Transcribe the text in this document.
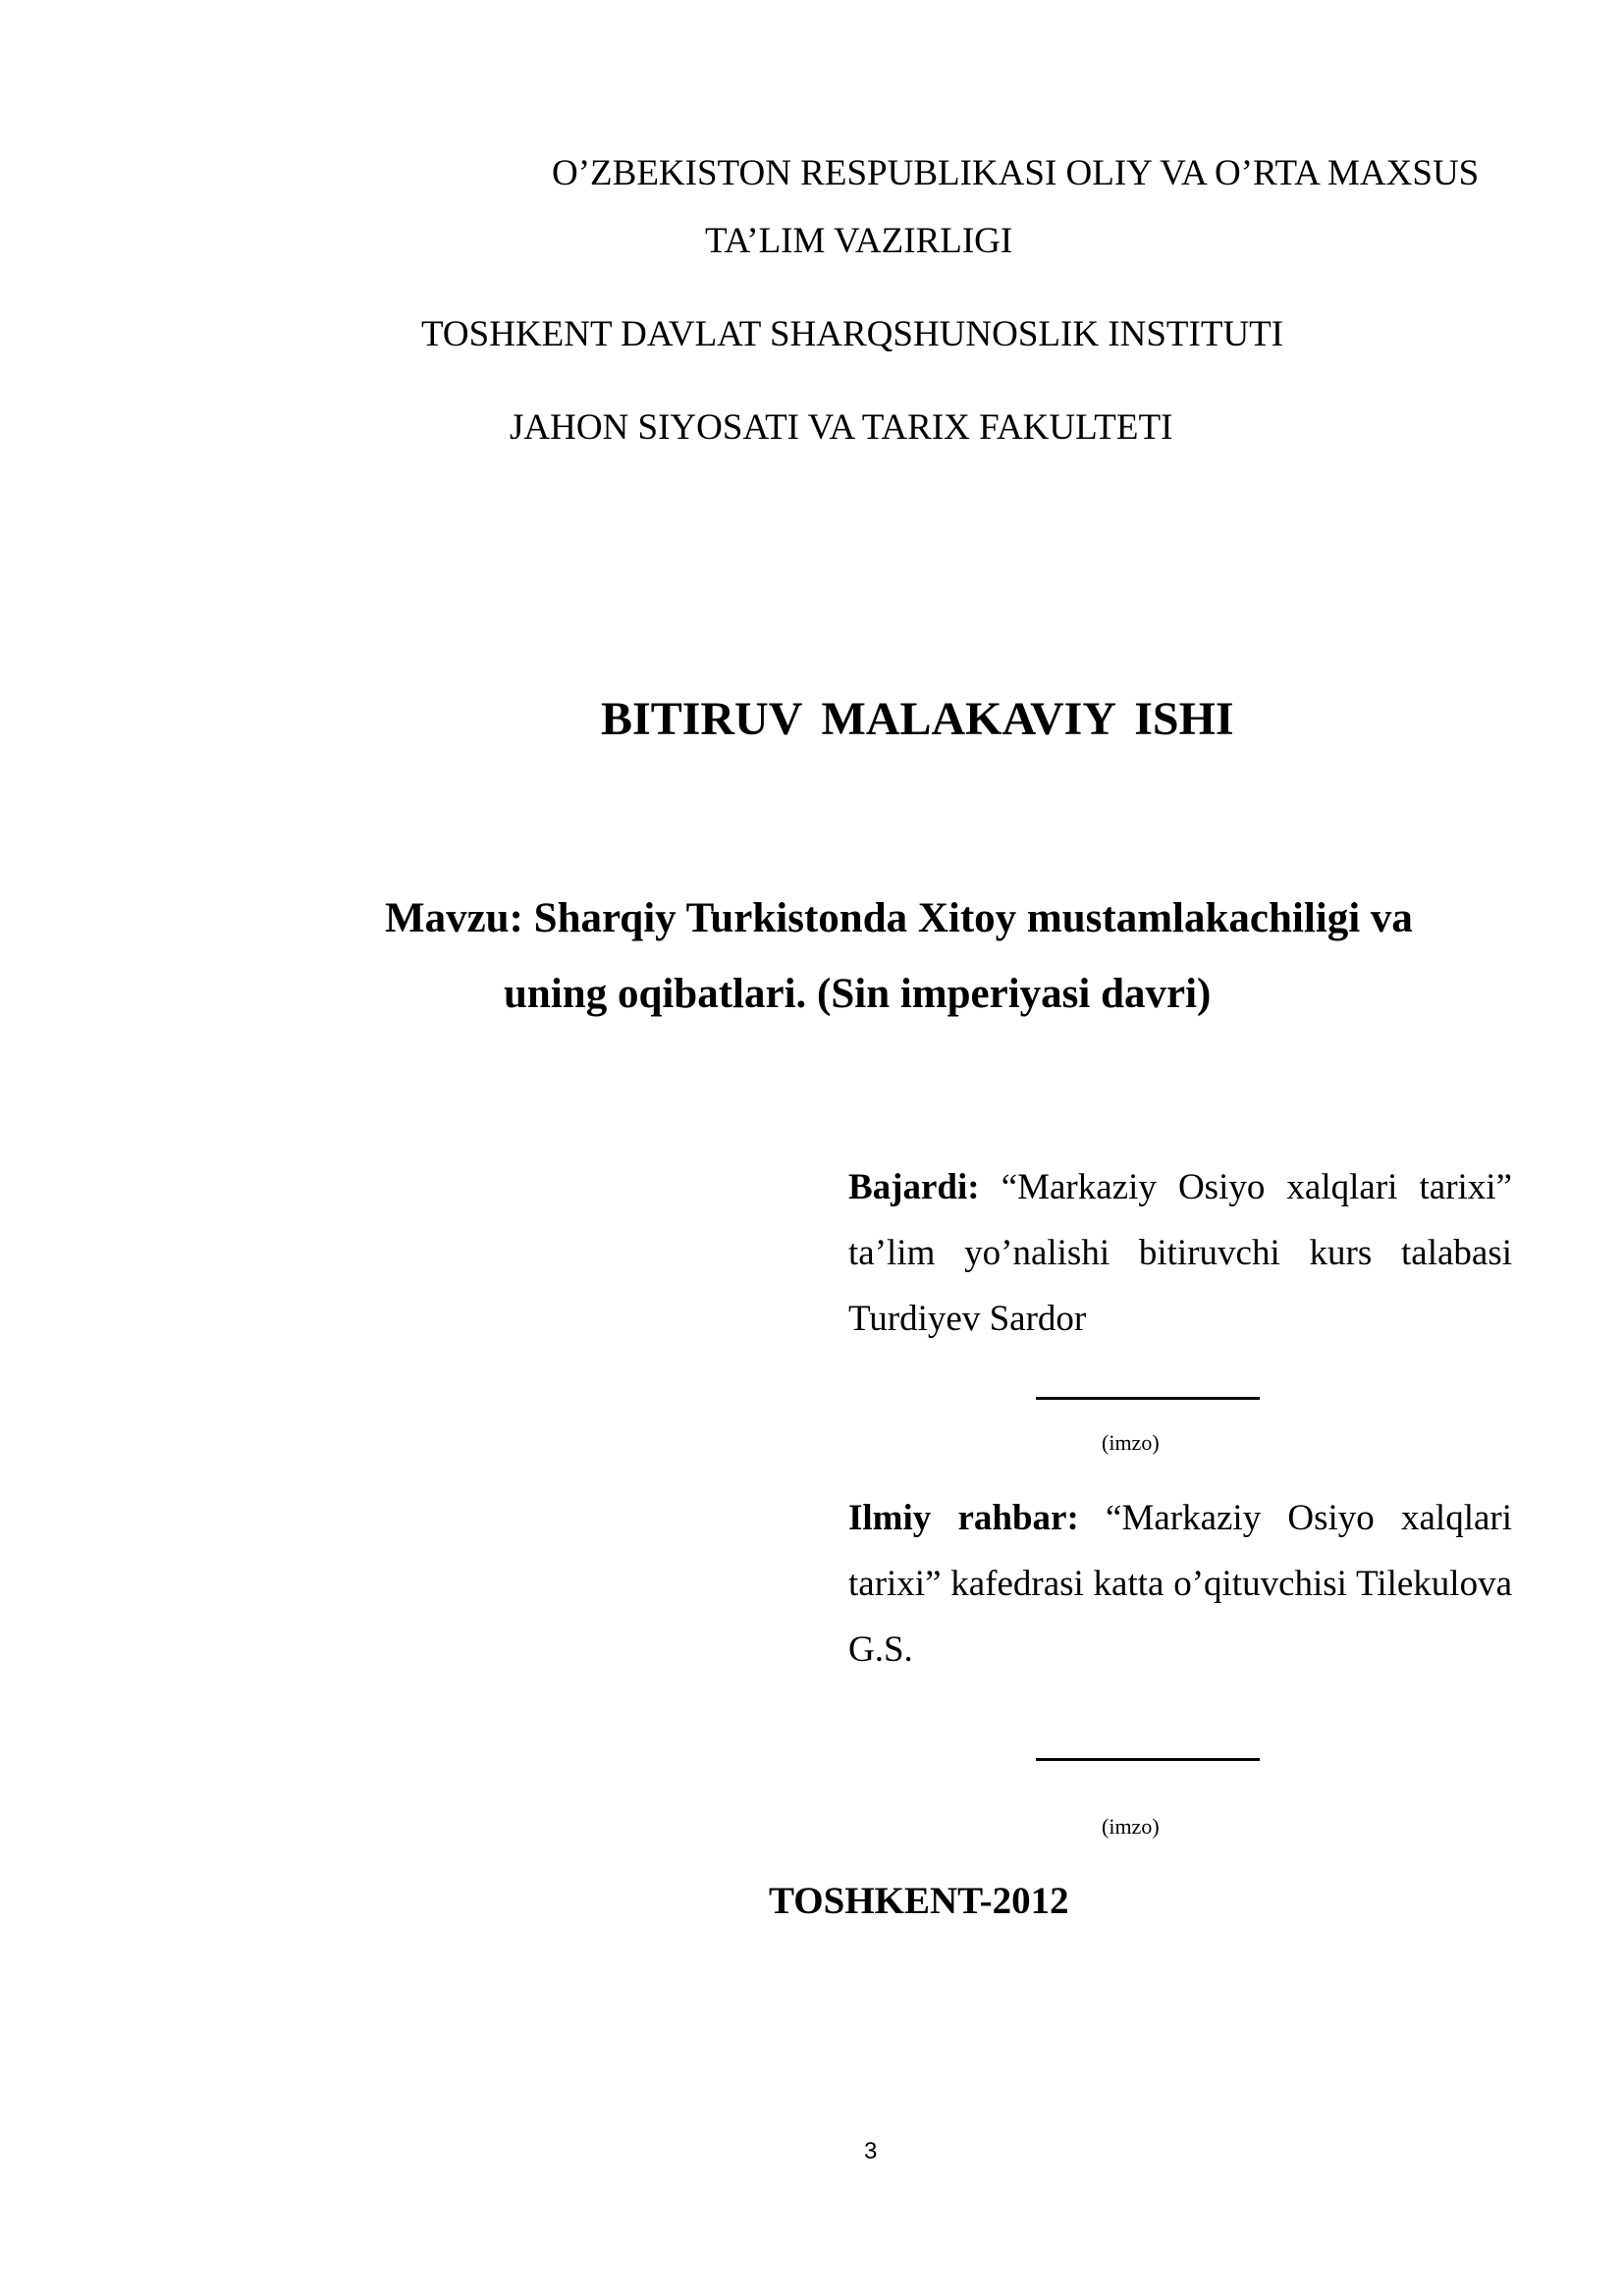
O’ZBEKISTON RESPUBLIKASI OLIY VA O’RTA MAXSUS
TA’LIM VAZIRLIGI
TOSHKENT DAVLAT SHARQSHUNOSLIK INSTITUTI
JAHON SIYOSATI VA TARIX FAKULTETI
BITIRUV MALAKAVIY ISHI
Mavzu: Sharqiy Turkistonda Xitoy mustamlakachiligi va
uning oqibatlari. (Sin imperiyasi davri)
Bajardi: “Markaziy Osiyo xalqlari tarixi” ta’lim yo’nalishi bitiruvchi kurs talabasi Turdiyev Sardor
(imzo)
Ilmiy rahbar: “Markaziy Osiyo xalqlari tarixi” kafedrasi katta o’qituvchisi Tilekulova G.S.
(imzo)
TOSHKENT-2012
3
